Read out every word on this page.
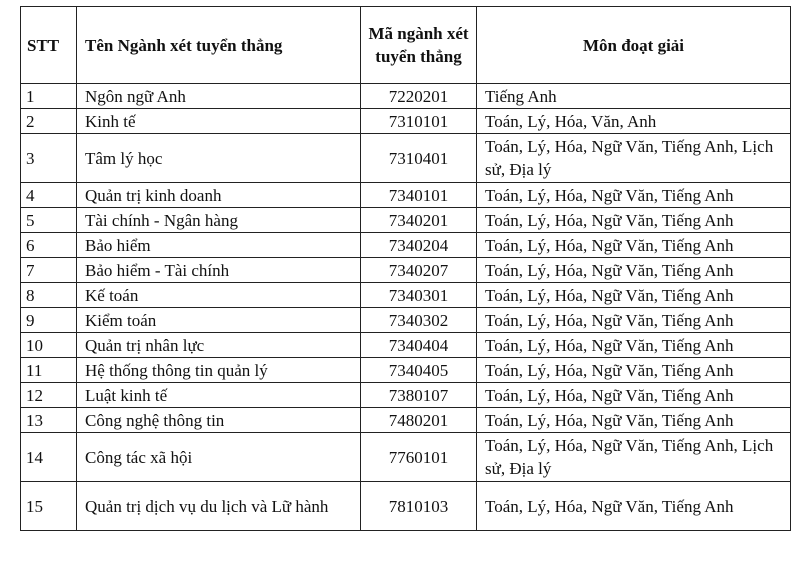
STT	Tên Ngành xét tuyển thẳng	Mã ngành xét tuyển thẳng	Môn đoạt giải
1	Ngôn ngữ Anh	7220201	Tiếng Anh
2	Kinh tế	7310101	Toán, Lý, Hóa, Văn, Anh
3	Tâm lý học	7310401	Toán, Lý, Hóa, Ngữ Văn, Tiếng Anh, Lịch sử, Địa lý
4	Quản trị kinh doanh	7340101	Toán, Lý, Hóa, Ngữ Văn, Tiếng Anh
5	Tài chính - Ngân hàng	7340201	Toán, Lý, Hóa, Ngữ Văn, Tiếng Anh
6	Bảo hiểm	7340204	Toán, Lý, Hóa, Ngữ Văn, Tiếng Anh
7	Bảo hiểm - Tài chính	7340207	Toán, Lý, Hóa, Ngữ Văn, Tiếng Anh
8	Kế toán	7340301	Toán, Lý, Hóa, Ngữ Văn, Tiếng Anh
9	Kiểm toán	7340302	Toán, Lý, Hóa, Ngữ Văn, Tiếng Anh
10	Quản trị nhân lực	7340404	Toán, Lý, Hóa, Ngữ Văn, Tiếng Anh
11	Hệ thống thông tin quản lý	7340405	Toán, Lý, Hóa, Ngữ Văn, Tiếng Anh
12	Luật kinh tế	7380107	Toán, Lý, Hóa, Ngữ Văn, Tiếng Anh
13	Công nghệ thông tin	7480201	Toán, Lý, Hóa, Ngữ Văn, Tiếng Anh
14	Công tác xã hội	7760101	Toán, Lý, Hóa, Ngữ Văn, Tiếng Anh, Lịch sử, Địa lý
15	Quản trị dịch vụ du lịch và Lữ hành	7810103	Toán, Lý, Hóa, Ngữ Văn, Tiếng Anh
